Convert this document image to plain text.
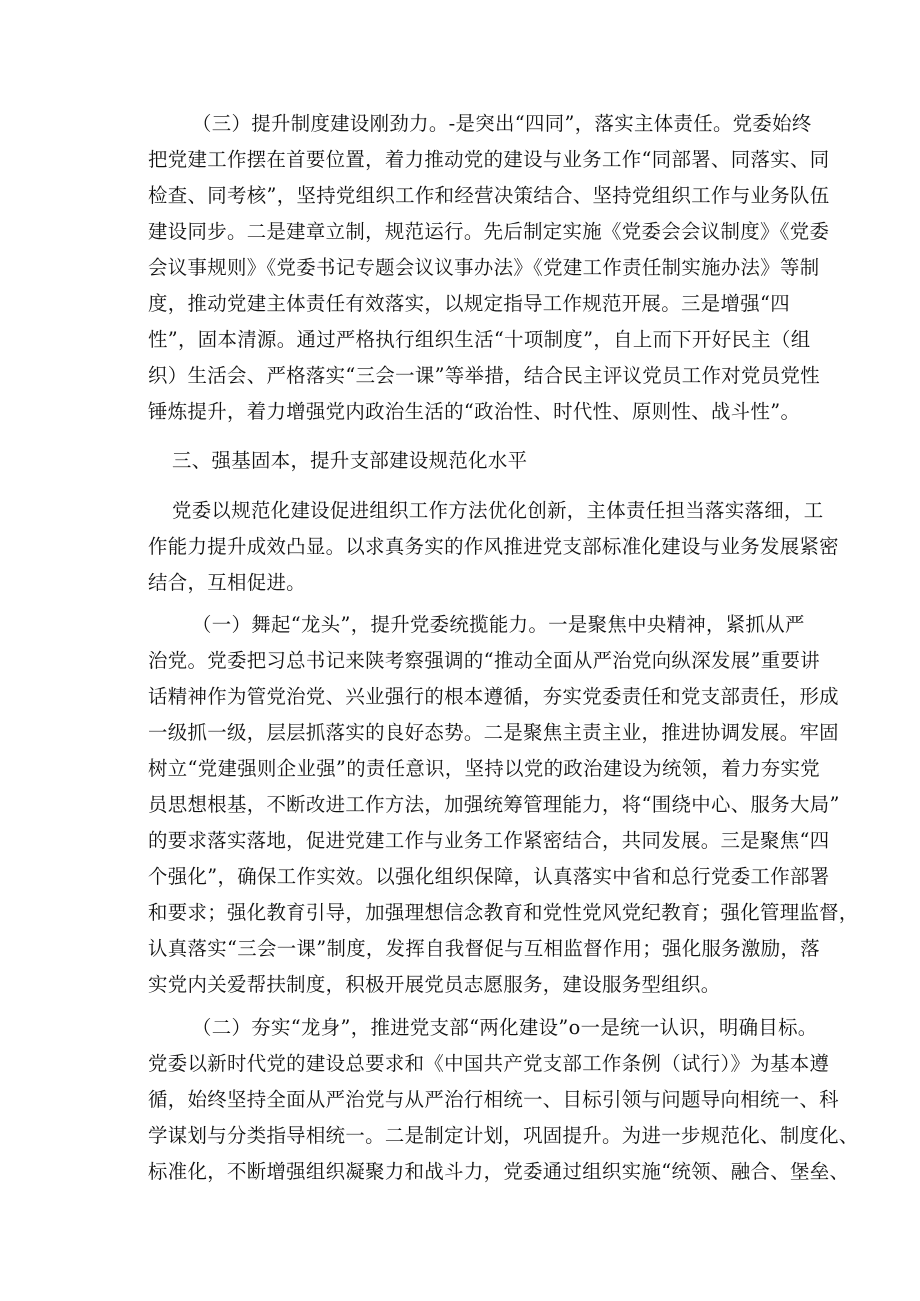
（三）提升制度建设刚劲力。-是突出“四同”，落实主体责任。党委始终
把党建工作摆在首要位置，着力推动党的建设与业务工作“同部署、同落实、同
检查、同考核”，坚持党组织工作和经营决策结合、坚持党组织工作与业务队伍
建设同步。二是建章立制，规范运行。先后制定实施《党委会会议制度》《党委
会议事规则》《党委书记专题会议议事办法》《党建工作责任制实施办法》等制
度，推动党建主体责任有效落实，以规定指导工作规范开展。三是增强“四
性”，固本清源。通过严格执行组织生活“十项制度”，自上而下开好民主（组
织）生活会、严格落实“三会一课”等举措，结合民主评议党员工作对党员党性
锤炼提升，着力增强党内政治生活的“政治性、时代性、原则性、战斗性”。
三、强基固本，提升支部建设规范化水平
党委以规范化建设促进组织工作方法优化创新，主体责任担当落实落细，工
作能力提升成效凸显。以求真务实的作风推进党支部标准化建设与业务发展紧密
结合，互相促进。
（一）舞起“龙头”，提升党委统揽能力。一是聚焦中央精神，紧抓从严
治党。党委把习总书记来陕考察强调的“推动全面从严治党向纵深发展”重要讲
话精神作为管党治党、兴业强行的根本遵循，夯实党委责任和党支部责任，形成
一级抓一级，层层抓落实的良好态势。二是聚焦主责主业，推进协调发展。牢固
树立“党建强则企业强”的责任意识，坚持以党的政治建设为统领，着力夯实党
员思想根基，不断改进工作方法，加强统筹管理能力，将“围绕中心、服务大局”
的要求落实落地，促进党建工作与业务工作紧密结合，共同发展。三是聚焦“四
个强化”，确保工作实效。以强化组织保障，认真落实中省和总行党委工作部署
和要求；强化教育引导，加强理想信念教育和党性党风党纪教育；强化管理监督，
认真落实“三会一课”制度，发挥自我督促与互相监督作用；强化服务激励，落
实党内关爱帮扶制度，积极开展党员志愿服务，建设服务型组织。
（二）夯实“龙身”，推进党支部“两化建设”o一是统一认识，明确目标。
党委以新时代党的建设总要求和《中国共产党支部工作条例（试行）》为基本遵
循，始终坚持全面从严治党与从严治行相统一、目标引领与问题导向相统一、科
学谋划与分类指导相统一。二是制定计划，巩固提升。为进一步规范化、制度化、
标准化，不断增强组织凝聚力和战斗力，党委通过组织实施“统领、融合、堡垒、
